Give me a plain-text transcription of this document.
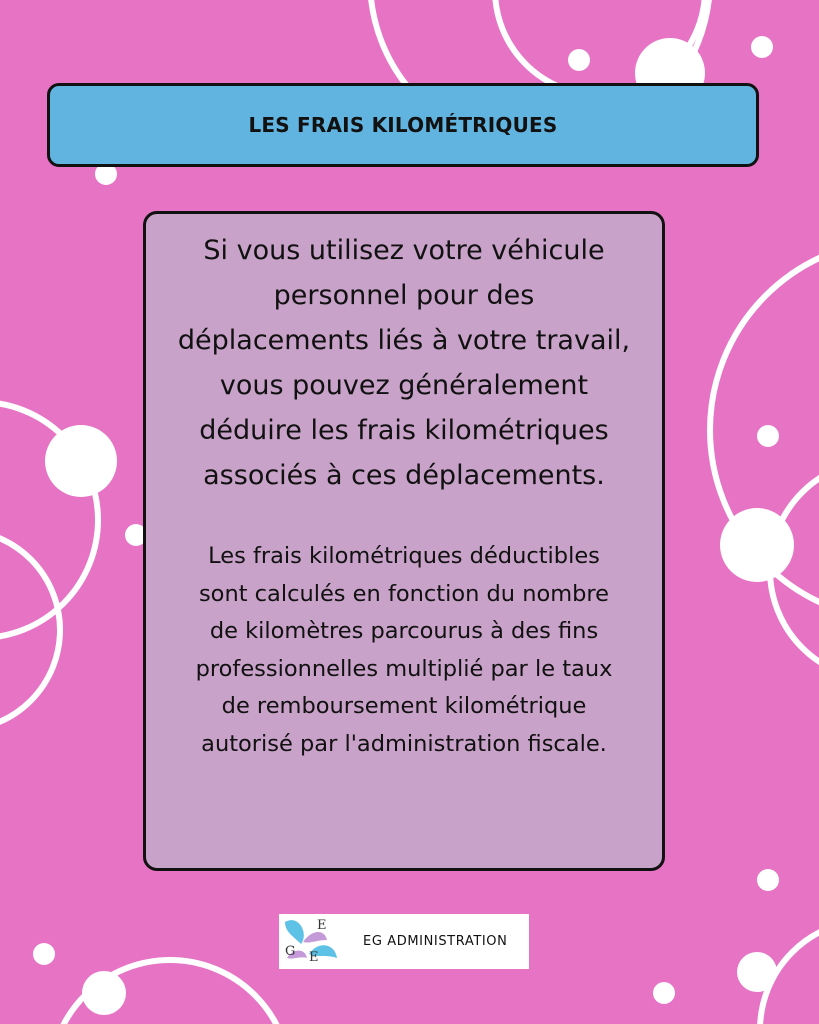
LES FRAIS KILOMÉTRIQUES

Si vous utilisez votre véhicule
personnel pour des
déplacements liés à votre travail,
vous pouvez généralement
déduire les frais kilométriques
associés à ces déplacements.

Les frais kilométriques déductibles
sont calculés en fonction du nombre
de kilomètres parcourus à des fins
professionnelles multiplié par le taux
de remboursement kilométrique
autorisé par l'administration fiscale.

E
G E
EG ADMINISTRATION
